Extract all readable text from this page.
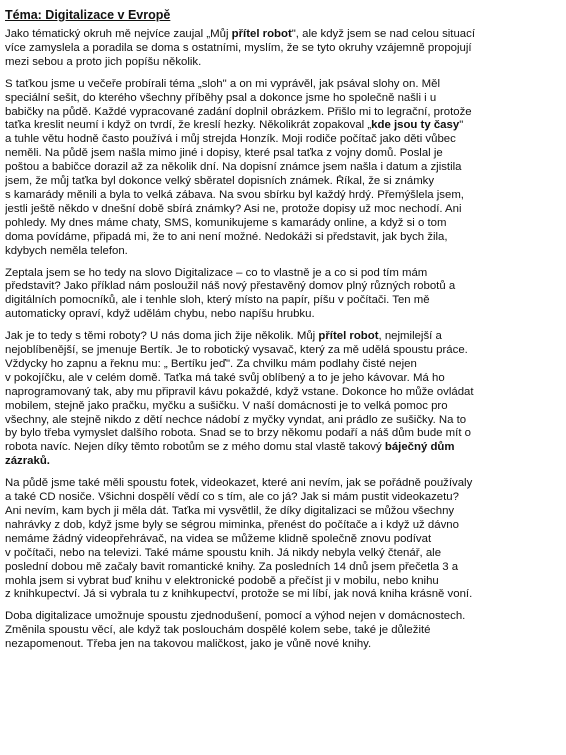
Téma: Digitalizace v Evropě
Jako tématický okruh mě nejvíce zaujal „Můj přítel robot", ale když jsem se nad celou situací
více zamyslela a poradila se doma s ostatními, myslím, že se tyto okruhy vzájemně propojují
mezi sebou a proto jich popíšu několik.
S taťkou jsme u večeře probírali téma „sloh" a on mi vyprávěl, jak psával slohy on. Měl
speciální sešit, do kterého všechny příběhy psal a dokonce jsme ho společně našli i u
babičky na půdě. Každé vypracované zadání doplnil obrázkem. Přišlo mi to legrační, protože
taťka kreslit neumí i když on tvrdí, že kreslí hezky. Několikrát zopakoval „kde jsou ty časy"
a tuhle větu hodně často používá i můj strejda Honzík. Moji rodiče počítač jako děti vůbec
neměli. Na půdě jsem našla mimo jiné i dopisy, které psal taťka z vojny domů. Poslal je
poštou a babičce dorazil až za několik dní. Na dopisní známce jsem našla i datum a zjistila
jsem, že můj taťka byl dokonce velký sběratel dopisních známek. Říkal, že si známky
s kamarády měnili a byla to velká zábava. Na svou sbírku byl každý hrdý. Přemýšlela jsem,
jestli ještě někdo v dnešní době sbírá známky? Asi ne, protože dopisy už moc nechodí. Ani
pohledy. My dnes máme chaty, SMS, komunikujeme s kamarády online, a když si o tom
doma povídáme, připadá mi, že to ani není možné. Nedokáži si představit, jak bych žila,
kdybych neměla telefon.
Zeptala jsem se ho tedy na slovo Digitalizace – co to vlastně je a co si pod tím mám
představit? Jako příklad nám posloužil náš nový přestavěný domov plný různých robotů a
digitálních pomocníků, ale i tenhle sloh, který místo na papír, píšu v počítači. Ten mě
automaticky opraví, když udělám chybu, nebo napíšu hrubku.
Jak je to tedy s těmi roboty? U nás doma jich žije několik. Můj přítel robot, nejmilejší a
nejoblíbenější, se jmenuje Bertík. Je to robotický vysavač, který za mě udělá spoustu práce.
Vždycky ho zapnu a řeknu mu: „ Bertíku jeď". Za chvilku mám podlahy čisté nejen
v pokojíčku, ale v celém domě. Taťka má také svůj oblíbený a to je jeho kávovar. Má ho
naprogramovaný tak, aby mu připravil kávu pokaždé, když vstane. Dokonce ho může ovládat
mobilem, stejně jako pračku, myčku a sušičku. V naší domácnosti je to velká pomoc pro
všechny, ale stejně nikdo z dětí nechce nádobí z myčky vyndat, ani prádlo ze sušičky. Na to
by bylo třeba vymyslet dalšího robota. Snad se to brzy někomu podaří a náš dům bude mít o
robota navíc. Nejen díky těmto robotům se z mého domu stal vlastě takový báječný dům
zázraků.
Na půdě jsme také měli spoustu fotek, videokazet, které ani nevím, jak se pořádně používaly
a také CD nosiče. Všichni dospělí vědí co s tím, ale co já? Jak si mám pustit videokazetu?
Ani nevím, kam bych ji měla dát. Taťka mi vysvětlil, že díky digitalizaci se můžou všechny
nahrávky z dob, když jsme byly se ségrou miminka, přenést do počítače a i když už dávno
nemáme žádný videopřehrávač, na videa se můžeme klidně společně znovu podívat
v počítači, nebo na televizi. Také máme spoustu knih. Já nikdy nebyla velký čtenář, ale
poslední dobou mě začaly bavit romantické knihy. Za posledních 14 dnů jsem přečetla 3 a
mohla jsem si vybrat buď knihu v elektronické podobě a přečíst ji v mobilu, nebo knihu
z knihkupectví. Já si vybrala tu z knihkupectví, protože se mi líbí, jak nová kniha krásně voní.
Doba digitalizace umožnuje spoustu zjednodušení, pomocí a výhod nejen v domácnostech.
Změnila spoustu věcí, ale když tak poslouchám dospělé kolem sebe, také je důležité
nezapomenout. Třeba jen na takovou maličkost, jako je vůně nové knihy.
